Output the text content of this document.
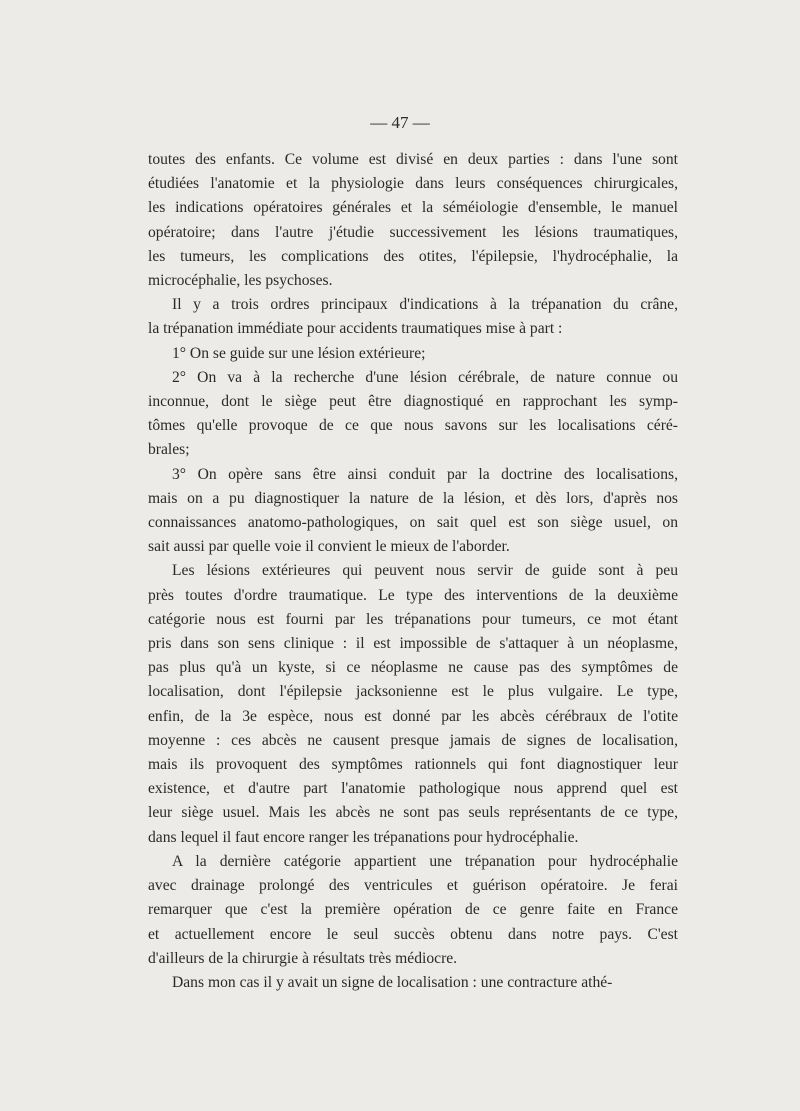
— 47 —
toutes des enfants. Ce volume est divisé en deux parties : dans l'une sont
étudiées l'anatomie et la physiologie dans leurs conséquences chirurgicales,
les indications opératoires générales et la séméiologie d'ensemble, le manuel
opératoire; dans l'autre j'étudie successivement les lésions traumatiques,
les tumeurs, les complications des otites, l'épilepsie, l'hydrocéphalie, la
microcéphalie, les psychoses.
Il y a trois ordres principaux d'indications à la trépanation du crâne,
la trépanation immédiate pour accidents traumatiques mise à part :
1° On se guide sur une lésion extérieure;
2° On va à la recherche d'une lésion cérébrale, de nature connue ou
inconnue, dont le siège peut être diagnostiqué en rapprochant les symp-
tômes qu'elle provoque de ce que nous savons sur les localisations céré-
brales;
3° On opère sans être ainsi conduit par la doctrine des localisations,
mais on a pu diagnostiquer la nature de la lésion, et dès lors, d'après nos
connaissances anatomo-pathologiques, on sait quel est son siège usuel, on
sait aussi par quelle voie il convient le mieux de l'aborder.
Les lésions extérieures qui peuvent nous servir de guide sont à peu
près toutes d'ordre traumatique. Le type des interventions de la deuxième
catégorie nous est fourni par les trépanations pour tumeurs, ce mot étant
pris dans son sens clinique : il est impossible de s'attaquer à un néoplasme,
pas plus qu'à un kyste, si ce néoplasme ne cause pas des symptômes de
localisation, dont l'épilepsie jacksonienne est le plus vulgaire. Le type,
enfin, de la 3e espèce, nous est donné par les abcès cérébraux de l'otite
moyenne : ces abcès ne causent presque jamais de signes de localisation,
mais ils provoquent des symptômes rationnels qui font diagnostiquer leur
existence, et d'autre part l'anatomie pathologique nous apprend quel est
leur siège usuel. Mais les abcès ne sont pas seuls représentants de ce type,
dans lequel il faut encore ranger les trépanations pour hydrocéphalie.
A la dernière catégorie appartient une trépanation pour hydrocéphalie
avec drainage prolongé des ventricules et guérison opératoire. Je ferai
remarquer que c'est la première opération de ce genre faite en France
et actuellement encore le seul succès obtenu dans notre pays. C'est
d'ailleurs de la chirurgie à résultats très médiocre.
Dans mon cas il y avait un signe de localisation : une contracture athé-
